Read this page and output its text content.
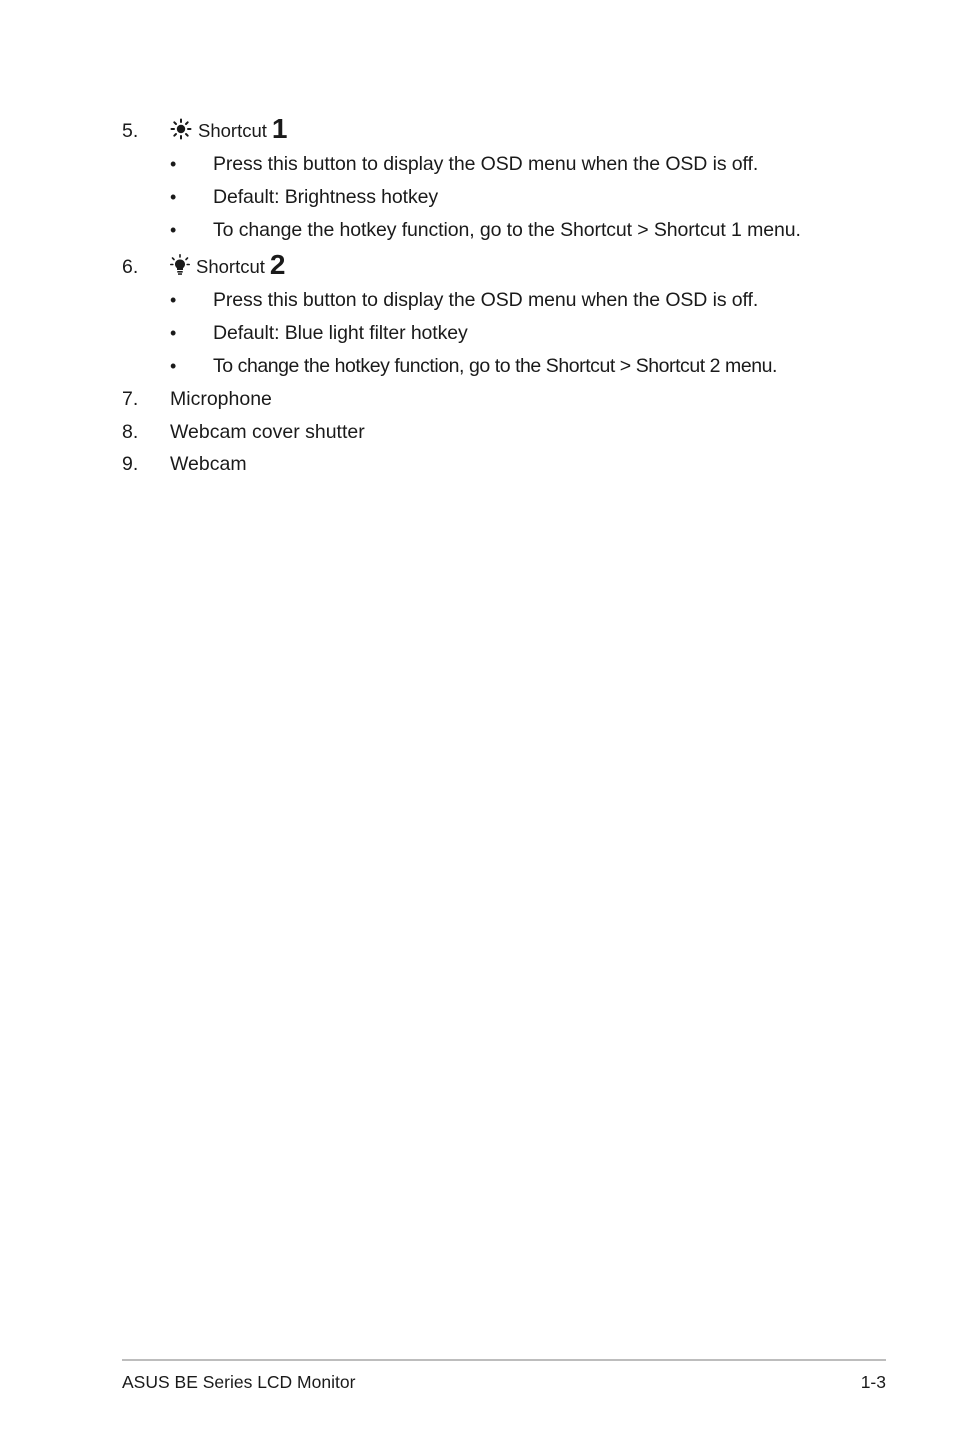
5.	Shortcut 1
• Press this button to display the OSD menu when the OSD is off.
• Default: Brightness hotkey
• To change the hotkey function, go to the Shortcut > Shortcut 1 menu.
6.	Shortcut 2
• Press this button to display the OSD menu when the OSD is off.
• Default: Blue light filter hotkey
• To change the hotkey function, go to the Shortcut > Shortcut 2 menu.
7. Microphone
8. Webcam cover shutter
9. Webcam
ASUS BE Series LCD Monitor	1-3
